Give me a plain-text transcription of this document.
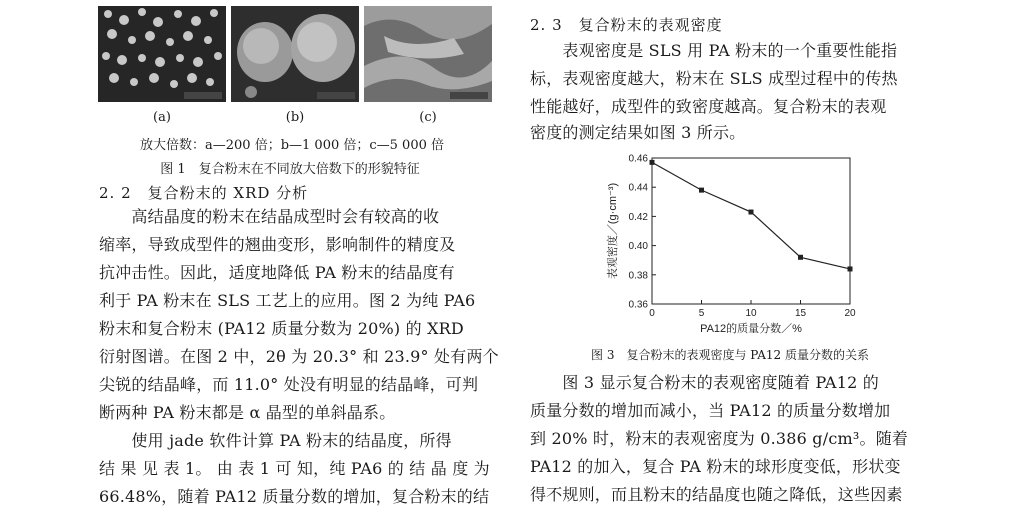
(a)	(b)	(c)
放大倍数：a—200 倍；b—1 000 倍；c—5 000 倍
图 1　复合粉末在不同放大倍数下的形貌特征
2. 2　复合粉末的 XRD 分析
　　高结晶度的粉末在结晶成型时会有较高的收
缩率，导致成型件的翘曲变形，影响制件的精度及
抗冲击性。因此，适度地降低 PA 粉末的结晶度有
利于 PA 粉末在 SLS 工艺上的应用。图 2 为纯 PA6
粉末和复合粉末 (PA12 质量分数为 20%) 的 XRD
衍射图谱。在图 2 中，2θ 为 20.3° 和 23.9° 处有两个
尖锐的结晶峰，而 11.0° 处没有明显的结晶峰，可判
断两种 PA 粉末都是 α 晶型的单斜晶系。
　　使用 jade 软件计算 PA 粉末的结晶度，所得
结 果 见 表 1。 由 表 1 可 知，纯 PA6 的 结 晶 度 为
66.48%，随着 PA12 质量分数的增加，复合粉末的结
2. 3　复合粉末的表观密度
　　表观密度是 SLS 用 PA 粉末的一个重要性能指
标，表观密度越大，粉末在 SLS 成型过程中的传热
性能越好，成型件的致密度越高。复合粉末的表观
密度的测定结果如图 3 所示。
0	5	10	15	20
0.36
0.38
0.40
0.42
0.44
0.46
PA12的质量分数／%
表观密度／(g·cm⁻³)
图 3　复合粉末的表观密度与 PA12 质量分数的关系
　　图 3 显示复合粉末的表观密度随着 PA12 的
质量分数的增加而减小，当 PA12 的质量分数增加
到 20% 时，粉末的表观密度为 0.386 g/cm³。随着
PA12 的加入，复合 PA 粉末的球形度变低，形状变
得不规则，而且粉末的结晶度也随之降低，这些因素
